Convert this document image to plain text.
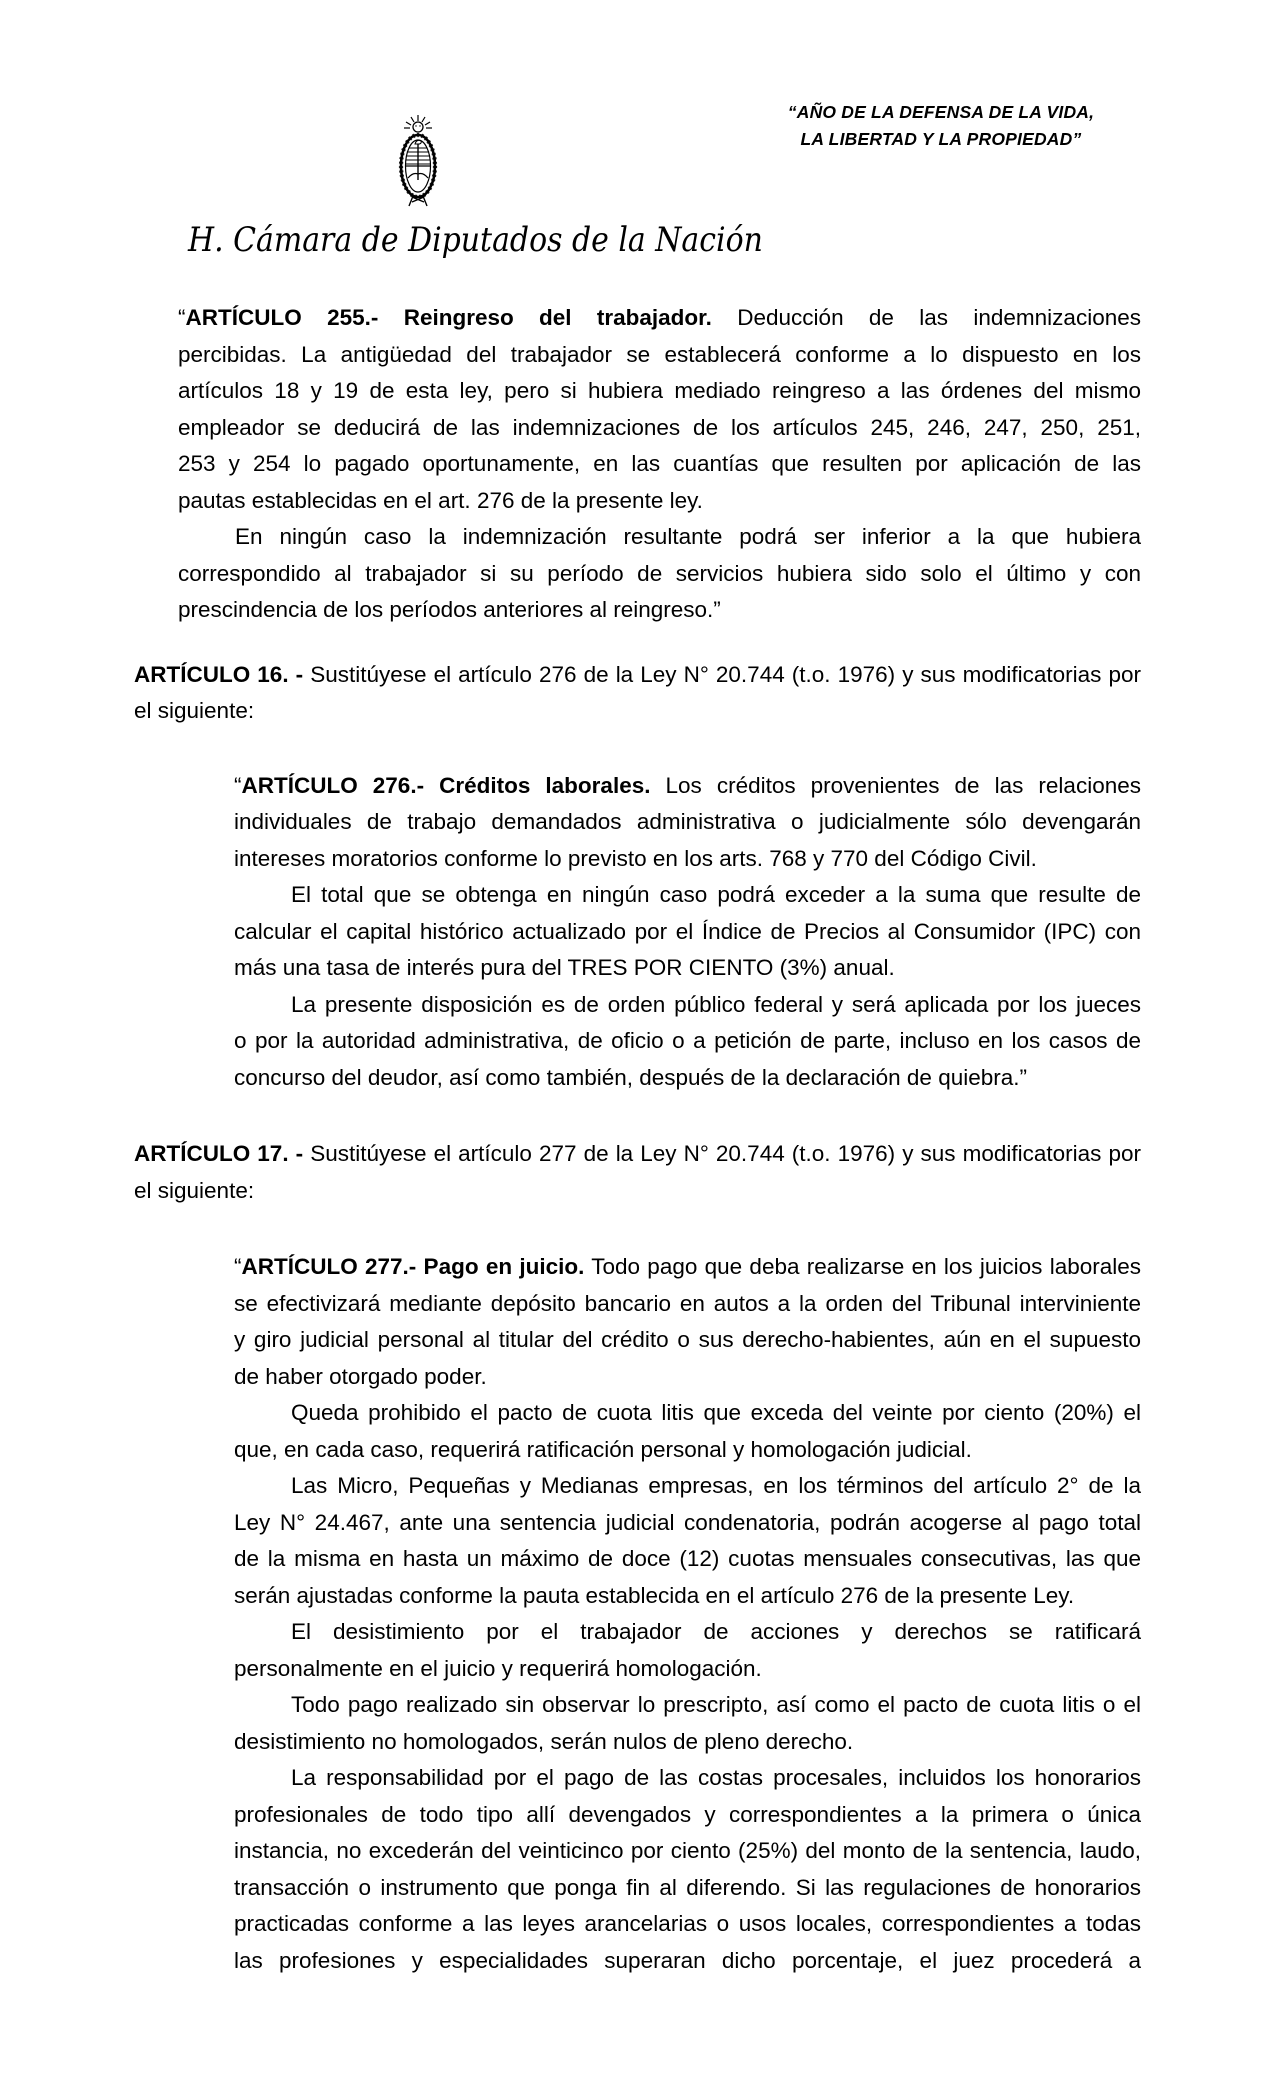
“AÑO DE LA DEFENSA DE LA VIDA,
LA LIBERTAD Y LA PROPIEDAD”
H. Cámara de Diputados de la Nación
“ARTÍCULO 255.- Reingreso del trabajador. Deducción de las indemnizaciones
percibidas. La antigüedad del trabajador se establecerá conforme a lo dispuesto en los
artículos 18 y 19 de esta ley, pero si hubiera mediado reingreso a las órdenes del mismo
empleador se deducirá de las indemnizaciones de los artículos 245, 246, 247, 250, 251,
253 y 254 lo pagado oportunamente, en las cuantías que resulten por aplicación de las
pautas establecidas en el art. 276 de la presente ley.
En ningún caso la indemnización resultante podrá ser inferior a la que hubiera
correspondido al trabajador si su período de servicios hubiera sido solo el último y con
prescindencia de los períodos anteriores al reingreso.”
ARTÍCULO 16. - Sustitúyese el artículo 276 de la Ley N° 20.744 (t.o. 1976) y sus modificatorias por
el siguiente:
“ARTÍCULO 276.- Créditos laborales. Los créditos provenientes de las relaciones
individuales de trabajo demandados administrativa o judicialmente sólo devengarán
intereses moratorios conforme lo previsto en los arts. 768 y 770 del Código Civil.
El total que se obtenga en ningún caso podrá exceder a la suma que resulte de
calcular el capital histórico actualizado por el Índice de Precios al Consumidor (IPC) con
más una tasa de interés pura del TRES POR CIENTO (3%) anual.
La presente disposición es de orden público federal y será aplicada por los jueces
o por la autoridad administrativa, de oficio o a petición de parte, incluso en los casos de
concurso del deudor, así como también, después de la declaración de quiebra.”
ARTÍCULO 17. - Sustitúyese el artículo 277 de la Ley N° 20.744 (t.o. 1976) y sus modificatorias por
el siguiente:
“ARTÍCULO 277.- Pago en juicio. Todo pago que deba realizarse en los juicios laborales
se efectivizará mediante depósito bancario en autos a la orden del Tribunal interviniente
y giro judicial personal al titular del crédito o sus derecho-habientes, aún en el supuesto
de haber otorgado poder.
Queda prohibido el pacto de cuota litis que exceda del veinte por ciento (20%) el
que, en cada caso, requerirá ratificación personal y homologación judicial.
Las Micro, Pequeñas y Medianas empresas, en los términos del artículo 2° de la
Ley N° 24.467, ante una sentencia judicial condenatoria, podrán acogerse al pago total
de la misma en hasta un máximo de doce (12) cuotas mensuales consecutivas, las que
serán ajustadas conforme la pauta establecida en el artículo 276 de la presente Ley.
El desistimiento por el trabajador de acciones y derechos se ratificará
personalmente en el juicio y requerirá homologación.
Todo pago realizado sin observar lo prescripto, así como el pacto de cuota litis o el
desistimiento no homologados, serán nulos de pleno derecho.
La responsabilidad por el pago de las costas procesales, incluidos los honorarios
profesionales de todo tipo allí devengados y correspondientes a la primera o única
instancia, no excederán del veinticinco por ciento (25%) del monto de la sentencia, laudo,
transacción o instrumento que ponga fin al diferendo. Si las regulaciones de honorarios
practicadas conforme a las leyes arancelarias o usos locales, correspondientes a todas
las profesiones y especialidades superaran dicho porcentaje, el juez procederá a
